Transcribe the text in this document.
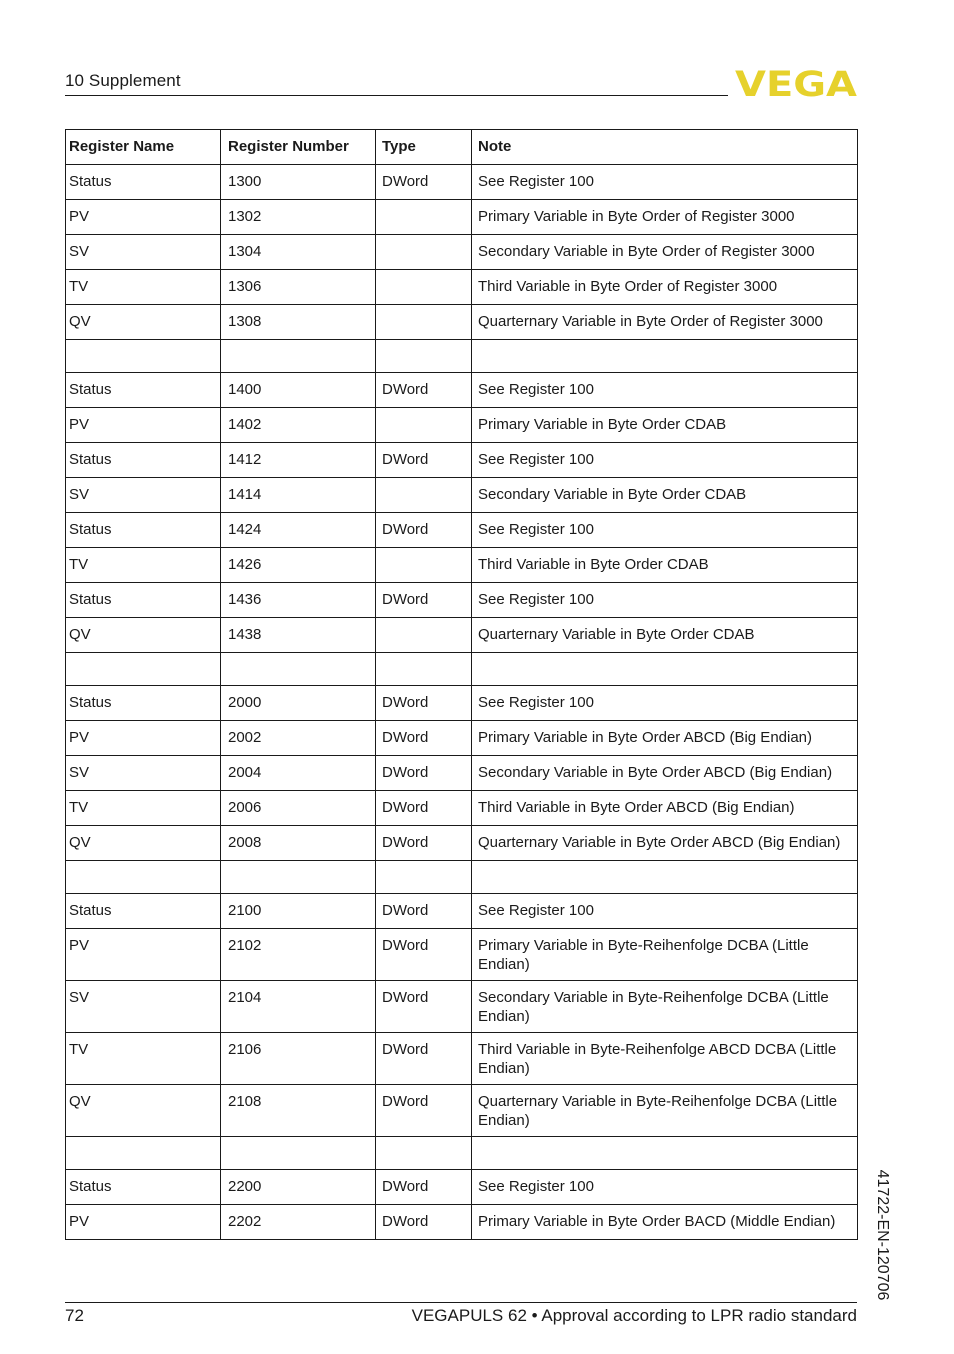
10 Supplement	VEGA
Register Name	Register Number	Type	Note
Status	1300	DWord	See Register 100
PV	1302		Primary Variable in Byte Order of Register 3000
SV	1304		Secondary Variable in Byte Order of Register 3000
TV	1306		Third Variable in Byte Order of Register 3000
QV	1308		Quarternary Variable in Byte Order of Register 3000

Status	1400	DWord	See Register 100
PV	1402		Primary Variable in Byte Order CDAB
Status	1412	DWord	See Register 100
SV	1414		Secondary Variable in Byte Order CDAB
Status	1424	DWord	See Register 100
TV	1426		Third Variable in Byte Order CDAB
Status	1436	DWord	See Register 100
QV	1438		Quarternary Variable in Byte Order CDAB

Status	2000	DWord	See Register 100
PV	2002	DWord	Primary Variable in Byte Order ABCD (Big Endian)
SV	2004	DWord	Secondary Variable in Byte Order ABCD (Big Endian)
TV	2006	DWord	Third Variable in Byte Order ABCD (Big Endian)
QV	2008	DWord	Quarternary Variable in Byte Order ABCD (Big Endian)

Status	2100	DWord	See Register 100
PV	2102	DWord	Primary Variable in Byte-Reihenfolge DCBA (Little Endian)
SV	2104	DWord	Secondary Variable in Byte-Reihenfolge DCBA (Little Endian)
TV	2106	DWord	Third Variable in Byte-Reihenfolge ABCD DCBA (Little Endian)
QV	2108	DWord	Quarternary Variable in Byte-Reihenfolge DCBA (Little Endian)

Status	2200	DWord	See Register 100
PV	2202	DWord	Primary Variable in Byte Order BACD (Middle Endian) 41722-EN-120706
72	VEGAPULS 62 • Approval according to LPR radio standard
